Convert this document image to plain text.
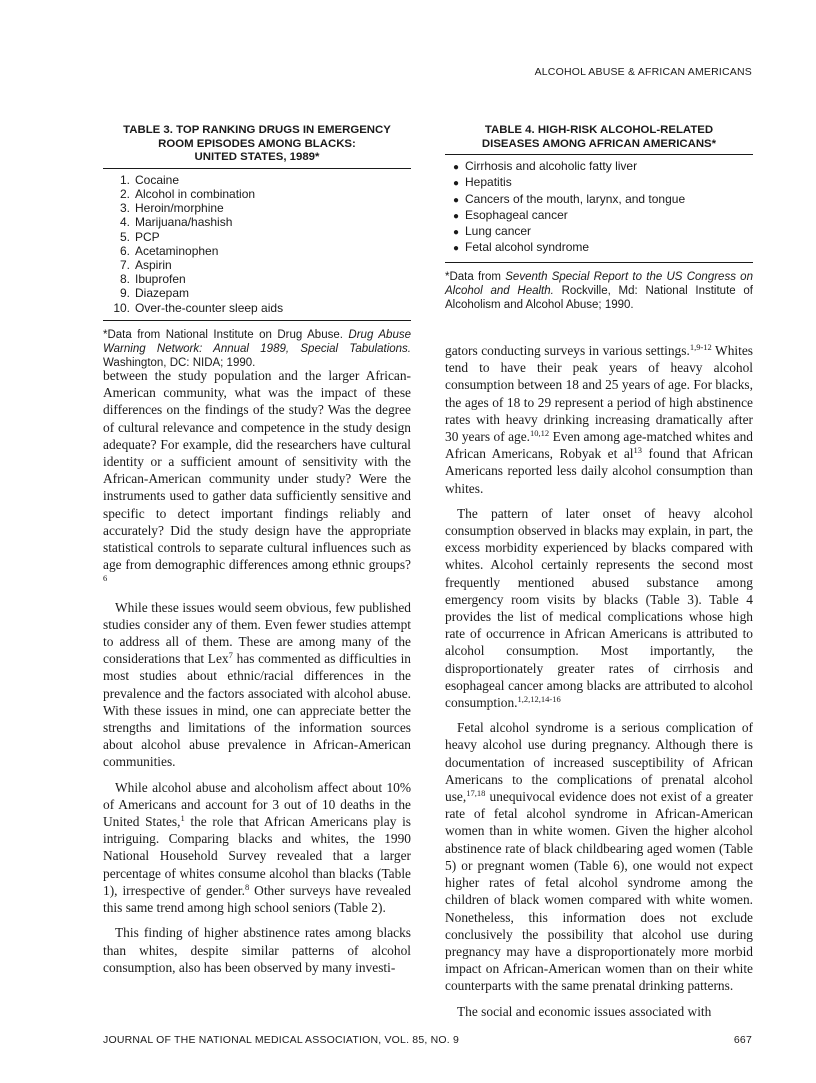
ALCOHOL ABUSE & AFRICAN AMERICANS

TABLE 3. TOP RANKING DRUGS IN EMERGENCY

ROOM EPISODES AMONG BLACKS:

UNITED STATES, 1989*

1. Cocaine
2. Alcohol in combination
3. Heroin/morphine
4. Marijuana/hashish
5. PCP
6. Acetaminophen
7. Aspirin
8. Ibuprofen
9. Diazepam
10. Over-the-counter sleep aids

*Data from National Institute on Drug Abuse. Drug Abuse Warning Network: Annual 1989, Special Tabulations. Washington, DC: NIDA; 1990.

between the study population and the larger African-American community, what was the impact of these differences on the findings of the study? Was the degree of cultural relevance and competence in the study design adequate? For example, did the researchers have cultural identity or a sufficient amount of sensitivity with the African-American community under study? Were the instruments used to gather data sufficiently sensitive and specific to detect important findings reliably and accurately? Did the study design have the appropriate statistical controls to separate cultural influences such as age from demographic differences among ethnic groups?$^6$

While these issues would seem obvious, few published studies consider any of them. Even fewer studies attempt to address all of them. These are among many of the considerations that Lex$^7$ has commented as difficulties in most studies about ethnic/racial differences in the prevalence and the factors associated with alcohol abuse. With these issues in mind, one can appreciate better the strengths and limitations of the information sources about alcohol abuse prevalence in African-American communities.

While alcohol abuse and alcoholism affect about 10% of Americans and account for 3 out of 10 deaths in the United States,$^1$ the role that African Americans play is intriguing. Comparing blacks and whites, the 1990 National Household Survey revealed that a larger percentage of whites consume alcohol than blacks (Table 1), irrespective of gender.$^8$ Other surveys have revealed this same trend among high school seniors (Table 2).

This finding of higher abstinence rates among blacks than whites, despite similar patterns of alcohol consumption, also has been observed by many investi-

TABLE 4. HIGH-RISK ALCOHOL-RELATED

DISEASES AMONG AFRICAN AMERICANS*

● Cirrhosis and alcoholic fatty liver
● Hepatitis
● Cancers of the mouth, larynx, and tongue
● Esophageal cancer
● Lung cancer
● Fetal alcohol syndrome

*Data from Seventh Special Report to the US Congress on Alcohol and Health. Rockville, Md: National Institute of Alcoholism and Alcohol Abuse; 1990.

gators conducting surveys in various settings.$^{1,9-12}$ Whites tend to have their peak years of heavy alcohol consumption between 18 and 25 years of age. For blacks, the ages of 18 to 29 represent a period of high abstinence rates with heavy drinking increasing dramatically after 30 years of age.$^{10,12}$ Even among age-matched whites and African Americans, Robyak et $al^{13}$ found that African Americans reported less daily alcohol consumption than whites.

The pattern of later onset of heavy alcohol consumption observed in blacks may explain, in part, the excess morbidity experienced by blacks compared with whites. Alcohol certainly represents the second most frequently mentioned abused substance among emergency room visits by blacks (Table 3). Table 4 provides the list of medical complications whose high rate of occurrence in African Americans is attributed to alcohol consumption. Most importantly, the disproportionately greater rates of cirrhosis and esophageal cancer among blacks are attributed to alcohol consumption.$^{1,2,12,14-16}$

Fetal alcohol syndrome is a serious complication of heavy alcohol use during pregnancy. Although there is documentation of increased susceptibility of African Americans to the complications of prenatal alcohol use,$^{17,18}$ unequivocal evidence does not exist of a greater rate of fetal alcohol syndrome in African-American women than in white women. Given the higher alcohol abstinence rate of black childbearing aged women (Table 5) or pregnant women (Table 6), one would not expect higher rates of fetal alcohol syndrome among the children of black women compared with white women. Nonetheless, this information does not exclude conclusively the possibility that alcohol use during pregnancy may have a disproportionately more morbid impact on African-American women than on their white counterparts with the same prenatal drinking patterns.

The social and economic issues associated with

JOURNAL OF THE NATIONAL MEDICAL ASSOCIATION, VOL. 85, NO. 9	667
